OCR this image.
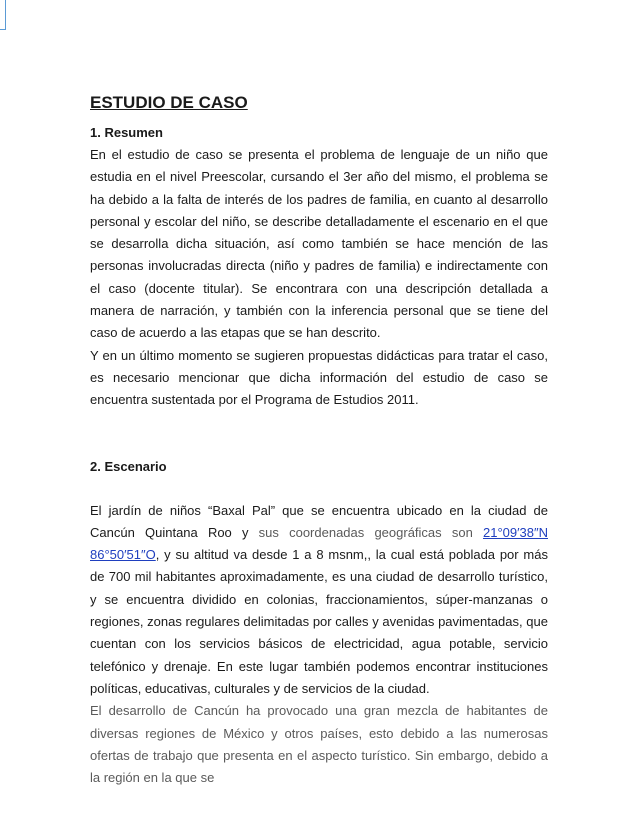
ESTUDIO DE CASO
1. Resumen

En el estudio de caso se presenta el problema de lenguaje de un niño que estudia en el nivel Preescolar, cursando el 3er año del mismo, el problema se ha debido a la falta de interés de los padres de familia, en cuanto al desarrollo personal y escolar del niño, se describe detalladamente el escenario en el que se desarrolla dicha situación, así como también se hace mención de las personas involucradas directa (niño y padres de familia) e indirectamente con el caso (docente titular). Se encontrara con una descripción detallada a manera de narración, y también con la inferencia personal que se tiene del caso de acuerdo a las etapas que se han descrito.

Y en un último momento se sugieren propuestas didácticas para tratar el caso, es necesario mencionar que dicha información del estudio de caso se encuentra sustentada por el Programa de Estudios 2011.

2. Escenario

El jardín de niños “Baxal Pal” que se encuentra ubicado en la ciudad de Cancún Quintana Roo y sus coordenadas geográficas son 21°09′38″N 86°50′51″O, y su altitud va desde 1 a 8 msnm,, la cual está poblada por más de 700 mil habitantes aproximadamente, es una ciudad de desarrollo turístico, y se encuentra dividido en colonias, fraccionamientos, súper-manzanas o regiones, zonas regulares delimitadas por calles y avenidas pavimentadas, que cuentan con los servicios básicos de electricidad, agua potable, servicio telefónico y drenaje. En este lugar también podemos encontrar instituciones políticas, educativas, culturales y de servicios de la ciudad.

El desarrollo de Cancún ha provocado una gran mezcla de habitantes de diversas regiones de México y otros países, esto debido a las numerosas ofertas de trabajo que presenta en el aspecto turístico. Sin embargo, debido a la región en la que se
